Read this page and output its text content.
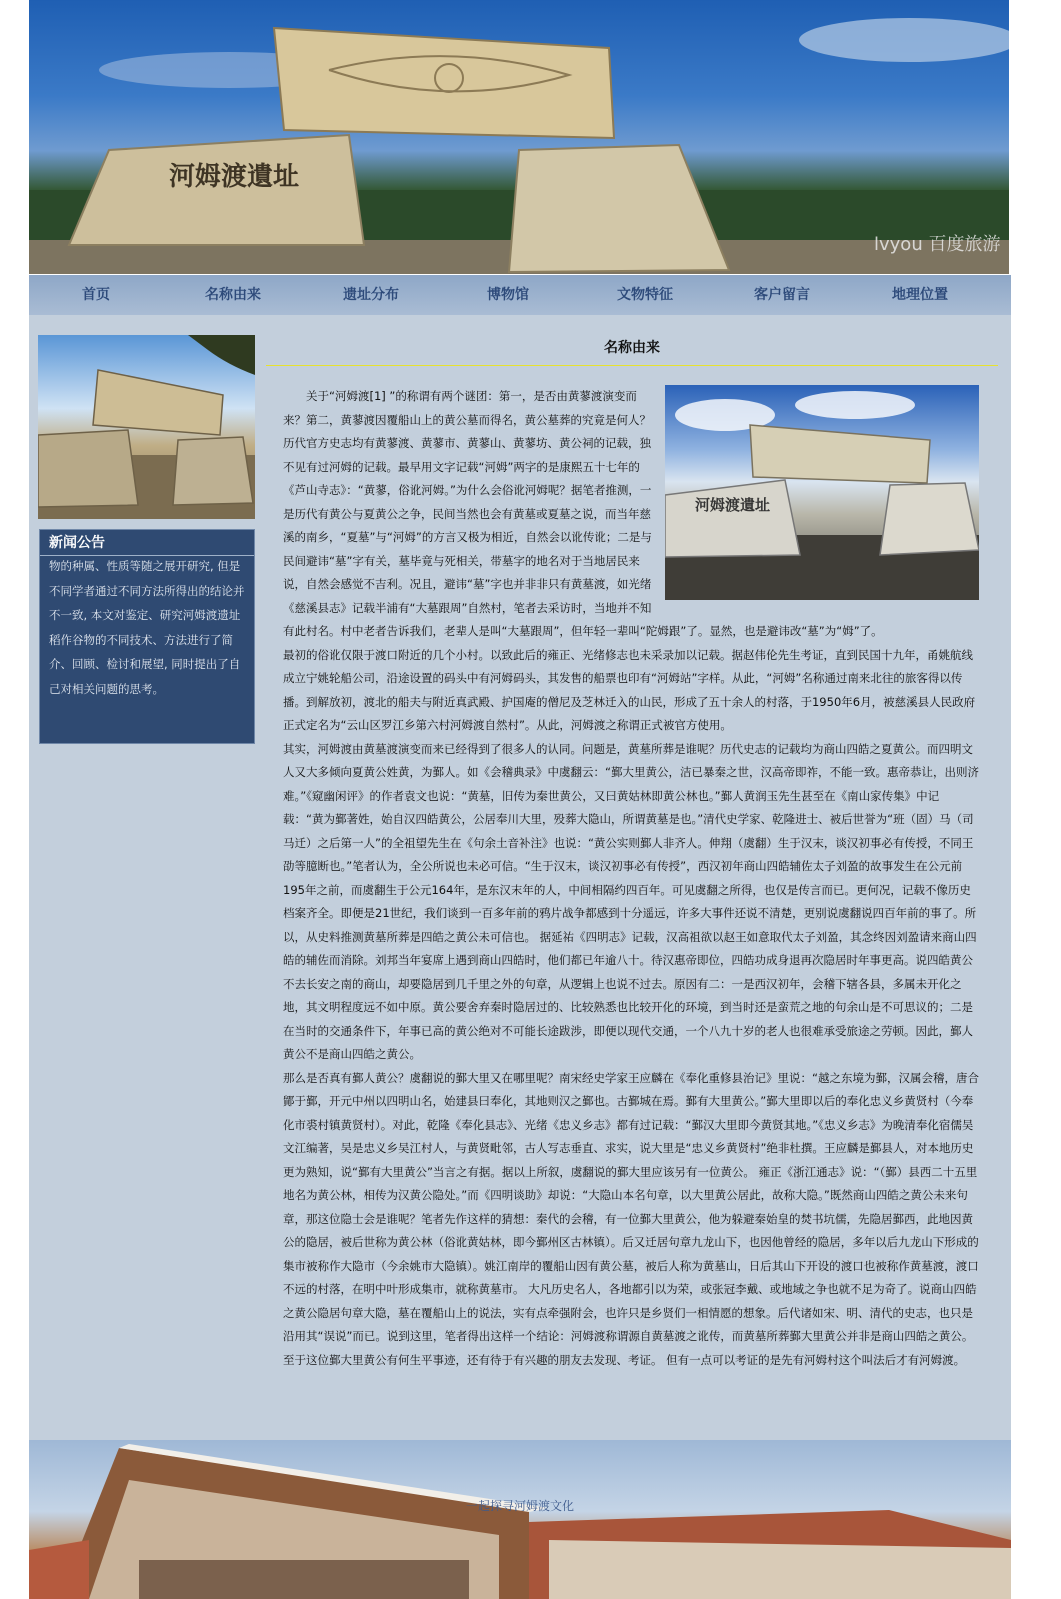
河姆渡遺址
lvyou 百度旅游
首页	名称由来	遗址分布	博物馆	文物特征	客户留言	地理位置
新闻公告
物的种属、性质等随之展开研究, 但是不同学者通过不同方法所得出的结论并不一致, 本文对鉴定、研究河姆渡遗址稻作谷物的不同技术、方法进行了简介、回顾、检讨和展望, 同时提出了自己对相关问题的思考。
名称由来
河姆渡遺址

　　关于“河姆渡[1] ”的称谓有两个谜团：第一，是否由黄蓼渡演变而来？第二，黄蓼渡因覆船山上的黄公墓而得名，黄公墓葬的究竟是何人？历代官方史志均有黄蓼渡、黄蓼市、黄蓼山、黄蓼坊、黄公祠的记载，独不见有过河姆的记载。最早用文字记载“河姆”两字的是康熙五十七年的《芦山寺志》：“黄蓼，俗讹河姆。”为什么会俗讹河姆呢？据笔者推测，一是历代有黄公与夏黄公之争，民间当然也会有黄墓或夏墓之说，而当年慈溪的南乡，“夏墓”与“河姆”的方言又极为相近，自然会以讹传讹；二是与民间避讳“墓”字有关，墓毕竟与死相关，带墓字的地名对于当地居民来说，自然会感觉不吉利。况且，避讳“墓”字也并非非只有黄墓渡，如光绪《慈溪县志》记载半浦有“大墓跟周”自然村，笔者去采访时，当地并不知有此村名。村中老者告诉我们，老辈人是叫“大墓跟周”，但年轻一辈叫“陀姆跟”了。显然，也是避讳改“墓”为“姆”了。

最初的俗讹仅限于渡口附近的几个小村。以致此后的雍正、光绪修志也未采录加以记载。据赵伟伦先生考证，直到民国十九年，甬姚航线成立宁姚轮船公司，沿途设置的码头中有河姆码头，其发售的船票也印有“河姆站”字样。从此，“河姆”名称通过南来北往的旅客得以传播。到解放初，渡北的船夫与附近真武殿、护国庵的僧尼及芝林迁入的山民，形成了五十余人的村落，于1950年6月，被慈溪县人民政府正式定名为“云山区罗江乡第六村河姆渡自然村”。从此，河姆渡之称谓正式被官方使用。

其实，河姆渡由黄墓渡演变而来已经得到了很多人的认同。问题是，黄墓所葬是谁呢？历代史志的记载均为商山四皓之夏黄公。而四明文人又大多倾向夏黄公姓黄，为鄞人。如《会稽典录》中虞翻云：“鄞大里黄公，洁已暴秦之世，汉高帝即祚，不能一致。惠帝恭让，出则济难。”《窥幽闲评》的作者袁文也说：“黄墓，旧传为秦世黄公，又曰黄姑林即黄公林也。”鄞人黄润玉先生甚至在《南山家传集》中记载：“黄为鄞著姓，始自汉四皓黄公，公居奉川大里，殁葬大隐山，所谓黄墓是也。”清代史学家、乾隆进士、被后世誉为“班（固）马（司马迁）之后第一人”的全祖望先生在《句余土音补注》也说：“黄公实则鄞人非齐人。伸翔（虞翻）生于汉末，谈汉初事必有传授，不同王劭等臆断也。”笔者认为，全公所说也未必可信。“生于汉末，谈汉初事必有传授”，西汉初年商山四皓辅佐太子刘盈的故事发生在公元前195年之前，而虞翻生于公元164年，是东汉末年的人，中间相隔约四百年。可见虞翻之所得，也仅是传言而已。更何况，记载不像历史档案齐全。即便是21世纪，我们谈到一百多年前的鸦片战争都感到十分遥远，许多大事件还说不清楚，更别说虞翻说四百年前的事了。所以，从史料推测黄墓所葬是四皓之黄公未可信也。 据延祐《四明志》记载，汉高祖欲以赵王如意取代太子刘盈，其念终因刘盈请来商山四皓的辅佐而消除。刘邦当年宴席上遇到商山四皓时，他们都已年逾八十。待汉惠帝即位，四皓功成身退再次隐居时年事更高。说四皓黄公不去长安之南的商山，却要隐居到几千里之外的句章，从逻辑上也说不过去。原因有二：一是西汉初年，会稽下辖各县，多属未开化之地，其文明程度远不如中原。黄公要舍弃秦时隐居过的、比较熟悉也比较开化的环境，到当时还是蛮荒之地的句余山是不可思议的；二是在当时的交通条件下，年事已高的黄公绝对不可能长途跋涉，即便以现代交通，一个八九十岁的老人也很难承受旅途之劳顿。因此，鄞人黄公不是商山四皓之黄公。

那么是否真有鄞人黄公？虞翻说的鄞大里又在哪里呢？南宋经史学家王应麟在《奉化重修县治记》里说：“越之东境为鄞，汉属会稽，唐合鄮于鄞，开元中州以四明山名，始建县曰奉化，其地则汉之鄞也。古鄞城在焉。鄞有大里黄公。”鄞大里即以后的奉化忠义乡黄贤村（今奉化市裘村镇黄贤村）。对此，乾隆《奉化县志》、光绪《忠义乡志》都有过记载：“鄞汉大里即今黄贤其地。”《忠义乡志》为晚清奉化宿儒吴文江编著，吴是忠义乡吴江村人，与黄贤毗邻，古人写志垂直、求实，说大里是“忠义乡黄贤村”绝非杜撰。王应麟是鄞县人，对本地历史更为熟知，说“鄞有大里黄公”当言之有据。据以上所叙，虞翻说的鄞大里应该另有一位黄公。 雍正《浙江通志》说：“（鄞）县西二十五里地名为黄公林，相传为汉黄公隐处。”而《四明谈助》却说：“大隐山本名句章，以大里黄公居此，故称大隐。”既然商山四皓之黄公未来句章，那这位隐士会是谁呢？笔者先作这样的猜想：秦代的会稽，有一位鄞大里黄公，他为躲避秦始皇的焚书坑儒，先隐居鄞西，此地因黄公的隐居，被后世称为黄公林（俗讹黄姑林，即今鄞州区古林镇）。后又迁居句章九龙山下，也因他曾经的隐居，多年以后九龙山下形成的集市被称作大隐市（今余姚市大隐镇）。姚江南岸的覆船山因有黄公墓，被后人称为黄墓山，日后其山下开设的渡口也被称作黄墓渡，渡口不远的村落，在明中叶形成集市，就称黄墓市。 大凡历史名人，各地都引以为荣，或张冠李戴、或地域之争也就不足为奇了。说商山四皓之黄公隐居句章大隐，墓在覆船山上的说法，实有点牵强附会，也许只是乡贤们一相情愿的想象。后代诸如宋、明、清代的史志，也只是沿用其“误说”而已。说到这里，笔者得出这样一个结论：河姆渡称谓源自黄墓渡之讹传，而黄墓所葬鄞大里黄公并非是商山四皓之黄公。至于这位鄞大里黄公有何生平事迹，还有待于有兴趣的朋友去发现、考证。 但有一点可以考证的是先有河姆村这个叫法后才有河姆渡。

一起探寻河姆渡文化
